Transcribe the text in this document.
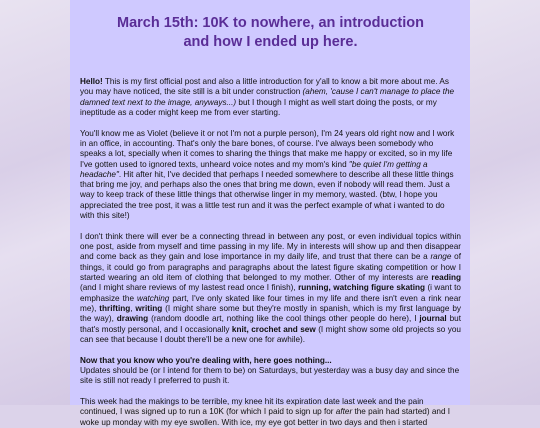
March 15th: 10K to nowhere, an introduction
and how I ended up here.

Hello! This is my first official post and also a little introduction for y'all to know a bit more about me. As you may have noticed, the site still is a bit under construction (ahem, 'cause I can't manage to place the damned text next to the image, anyways...) but I though I might as well start doing the posts, or my ineptitude as a coder might keep me from ever starting.

You'll know me as Violet (believe it or not I'm not a purple person), I'm 24 years old right now and I work in an office, in accounting. That's only the bare bones, of course. I've always been somebody who speaks a lot, specially when it comes to sharing the things that make me happy or excited, so in my life I've gotten used to ignored texts, unheard voice notes and my mom's kind "be quiet I'm getting a headache". Hit after hit, I've decided that perhaps I needed somewhere to describe all these little things that bring me joy, and perhaps also the ones that bring me down, even if nobody will read them. Just a way to keep track of these little things that otherwise linger in my memory, wasted. (btw, I hope you appreciated the tree post, it was a little test run and it was the perfect example of what i wanted to do with this site!)

I don't think there will ever be a connecting thread in between any post, or even individual topics within one post, aside from myself and time passing in my life. My in interests will show up and then disappear and come back as they gain and lose importance in my daily life, and trust that there can be a range of things, it could go from paragraphs and paragraphs about the latest figure skating competition or how I started wearing an old item of clothing that belonged to my mother. Other of my interests are reading (and I might share reviews of my lastest read once I finish), running, watching figure skating (i want to emphasize the watching part, I've only skated like four times in my life and there isn't even a rink near me), thrifting, writing (I might share some but they're mostly in spanish, which is my first language by the way), drawing (random doodle art, nothing like the cool things other people do here), I journal but that's mostly personal, and I occasionally knit, crochet and sew (I might show some old projects so you can see that because I doubt there'll be a new one for awhile).

Now that you know who you're dealing with, here goes nothing...
Updates should be (or I intend for them to be) on Saturdays, but yesterday was a busy day and since the site is still not ready I preferred to push it.

This week had the makings to be terrible, my knee hit its expiration date last week and the pain continued, I was signed up to run a 10K (for which I paid to sign up for after the pain had started) and I woke up monday with my eye swollen. With ice, my eye got better in two days and then i started
